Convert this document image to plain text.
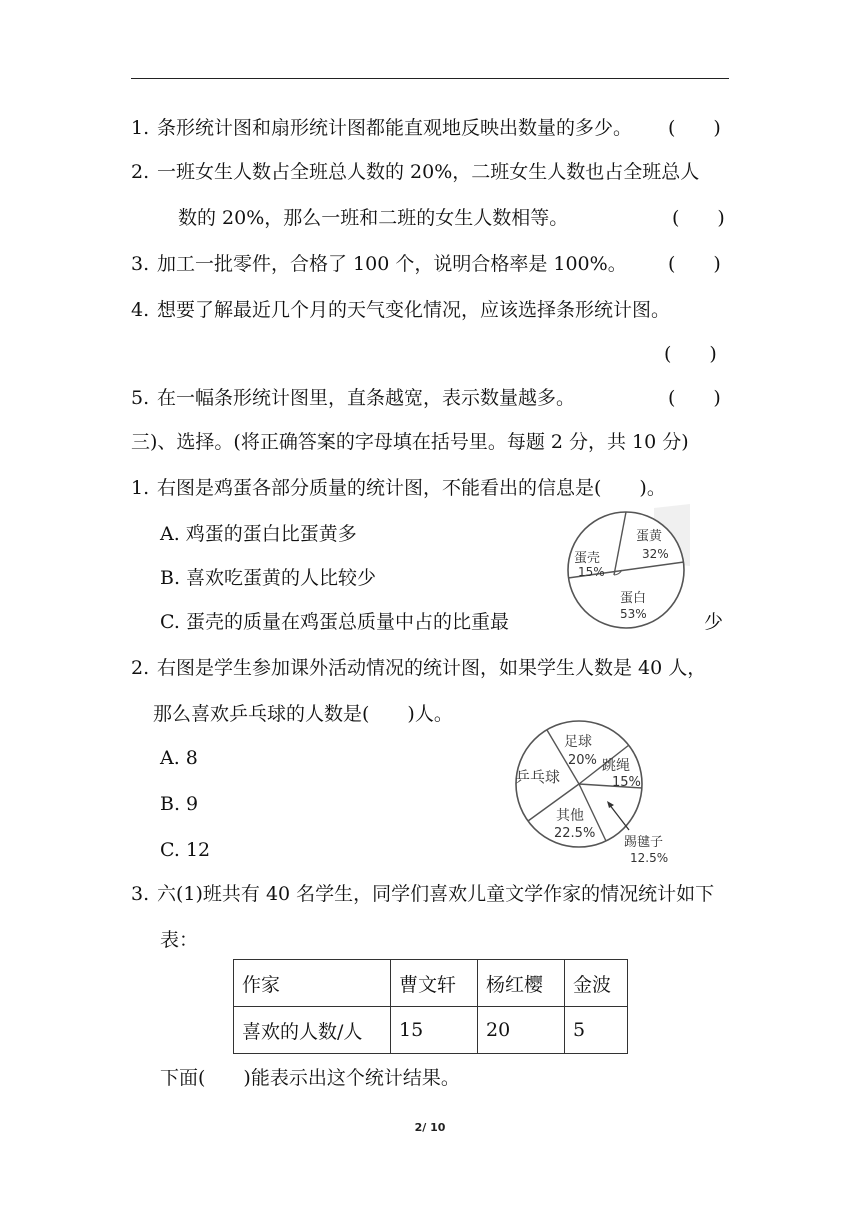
1. 条形统计图和扇形统计图都能直观地反映出数量的多少。 (　　)
2. 一班女生人数占全班总人数的 20%，二班女生人数也占全班总人
数的 20%，那么一班和二班的女生人数相等。	(　　)
3. 加工一批零件，合格了 100 个，说明合格率是 100%。 (　　)
4. 想要了解最近几个月的天气变化情况，应该选择条形统计图。
(　　)
5. 在一幅条形统计图里，直条越宽，表示数量越多。	(　　)
三)、选择。(将正确答案的字母填在括号里。每题 2 分，共 10 分)
1. 右图是鸡蛋各部分质量的统计图，不能看出的信息是(　　)。
A. 鸡蛋的蛋白比蛋黄多
B. 喜欢吃蛋黄的人比较少
C. 蛋壳的质量在鸡蛋总质量中占的比重最	少
蛋黄
32%
蛋壳
15%
蛋白
53%
2. 右图是学生参加课外活动情况的统计图，如果学生人数是 40 人，
那么喜欢乒乓球的人数是(　　)人。
A. 8
B. 9
C. 12
足球
20% 跳绳
15%
踢毽子
12.5%
其他
22.5%
乒乓球
3. 六(1)班共有 40 名学生，同学们喜欢儿童文学作家的情况统计如下
表：
作家	曹文轩	杨红樱	金波
喜欢的人数/人	15	20	5
下面(　　)能表示出这个统计结果。
2/ 10
